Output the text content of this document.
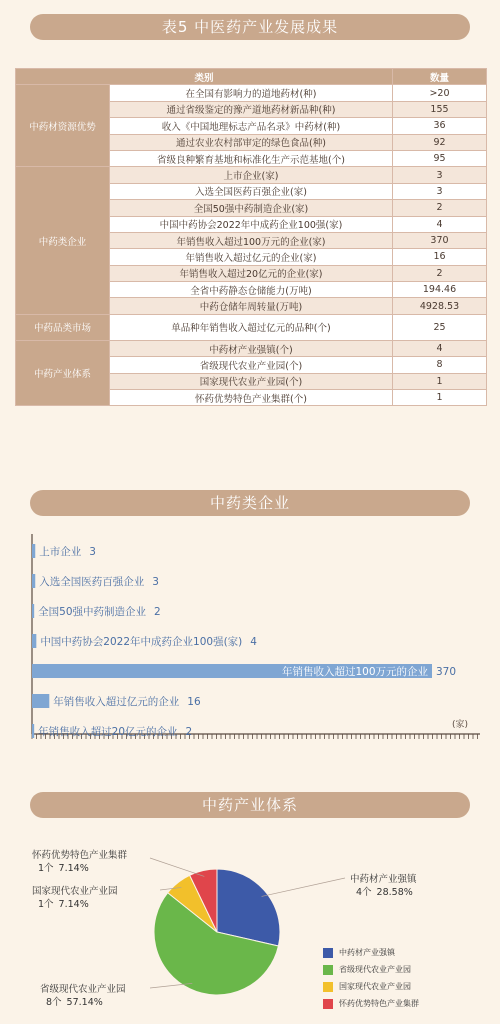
表5 中医药产业发展成果
类别		数量
中药材资源优势	在全国有影响力的道地药材(种)	>20
	通过省级鉴定的豫产道地药材新品种(种)	155
	收入《中国地理标志产品名录》中药材(种)	36
	通过农业农村部审定的绿色食品(种)	92
	省级良种繁育基地和标准化生产示范基地(个)	95
中药类企业	上市企业(家)	3
	入选全国医药百强企业(家)	3
	全国50强中药制造企业(家)	2
	中国中药协会2022年中成药企业100强(家)	4
	年销售收入超过100万元的企业(家)	370
	年销售收入超过亿元的企业(家)	16
	年销售收入超过20亿元的企业(家)	2
	全省中药静态仓储能力(万吨)	194.46
	中药仓储年周转量(万吨)	4928.53
中药品类市场	单品种年销售收入超过亿元的品种(个)	25
中药产业体系	中药材产业强镇(个)	4
	省级现代农业产业园(个)	8
	国家现代农业产业园(个)	1
	怀药优势特色产业集群(个)	1
中药类企业
(家)
上市企业 3
入选全国医药百强企业 3
全国50强中药制造企业 2
中国中药协会2022年中成药企业100强(家) 4
年销售收入超过100万元的企业 370
年销售收入超过亿元的企业 16
年销售收入超过20亿元的企业 2
中药产业体系
中药材产业强镇
4个 28.58%
省级现代农业产业园
8个 57.14%
国家现代农业产业园
1个 7.14%
怀药优势特色产业集群
1个 7.14%
中药材产业强镇
省级现代农业产业园
国家现代农业产业园
怀药优势特色产业集群
